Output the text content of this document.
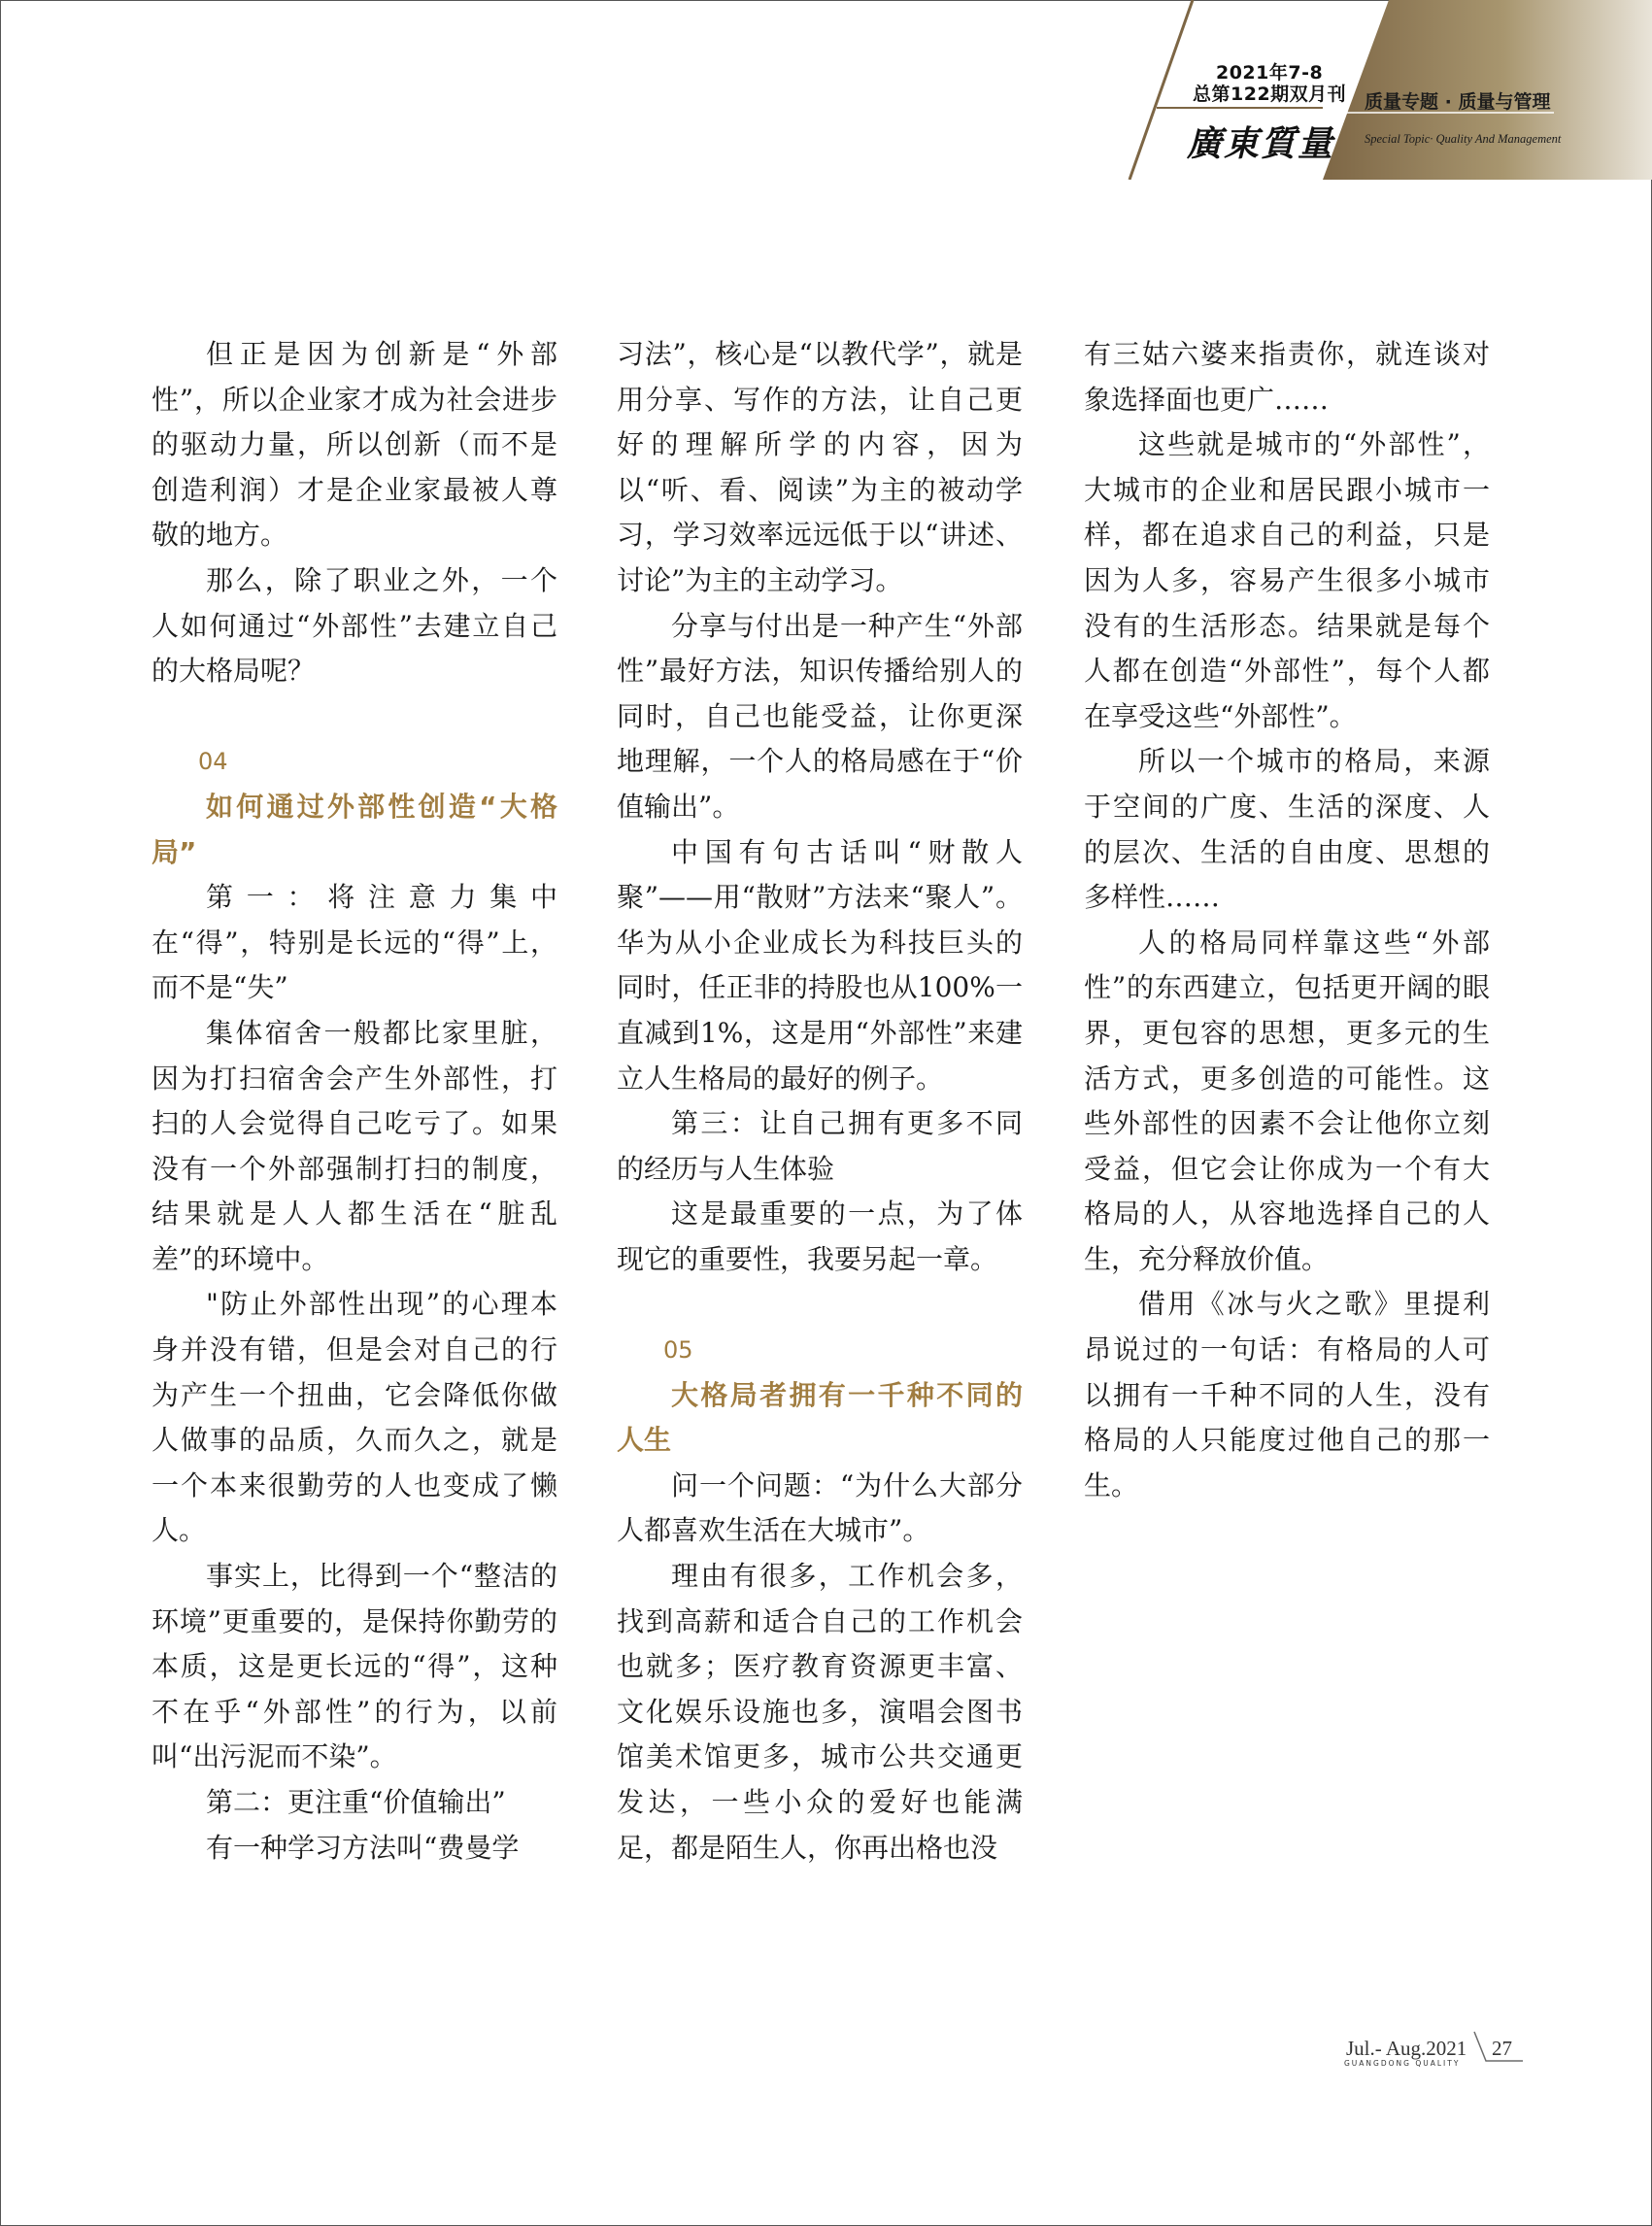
2021年7-8
总第122期双月刊
廣東質量
质量专题 · 质量与管理
Special Topic· Quality And Management

但正是因为创新是“外部性”，所以企业家才成为社会进步的驱动力量，所以创新（而不是创造利润）才是企业家最被人尊敬的地方。

那么，除了职业之外，一个人如何通过“外部性”去建立自己的大格局呢？

04

如何通过外部性创造“大格局”

第一：将注意力集中在“得”，特别是长远的“得”上，而不是“失”

集体宿舍一般都比家里脏，因为打扫宿舍会产生外部性，打扫的人会觉得自己吃亏了。如果没有一个外部强制打扫的制度，结果就是人人都生活在“脏乱差”的环境中。

"防止外部性出现”的心理本身并没有错，但是会对自己的行为产生一个扭曲，它会降低你做人做事的品质，久而久之，就是一个本来很勤劳的人也变成了懒人。

事实上，比得到一个“整洁的环境”更重要的，是保持你勤劳的本质，这是更长远的“得”，这种不在乎“外部性”的行为，以前叫“出污泥而不染”。

第二：更注重“价值输出”

有一种学习方法叫“费曼学

习法”，核心是“以教代学”，就是用分享、写作的方法，让自己更好的理解所学的内容，因为以“听、看、阅读”为主的被动学习，学习效率远远低于以“讲述、讨论”为主的主动学习。

分享与付出是一种产生“外部性”最好方法，知识传播给别人的同时，自己也能受益，让你更深地理解，一个人的格局感在于“价值输出”。

中国有句古话叫“财散人聚”——用“散财”方法来“聚人”。华为从小企业成长为科技巨头的同时，任正非的持股也从100%一直减到1%，这是用“外部性”来建立人生格局的最好的例子。

第三：让自己拥有更多不同的经历与人生体验

这是最重要的一点，为了体现它的重要性，我要另起一章。

05

大格局者拥有一千种不同的人生

问一个问题：“为什么大部分人都喜欢生活在大城市”。

理由有很多，工作机会多，找到高薪和适合自己的工作机会也就多；医疗教育资源更丰富、文化娱乐设施也多，演唱会图书馆美术馆更多，城市公共交通更发达，一些小众的爱好也能满足，都是陌生人，你再出格也没

有三姑六婆来指责你，就连谈对象选择面也更广……

这些就是城市的“外部性”，大城市的企业和居民跟小城市一样，都在追求自己的利益，只是因为人多，容易产生很多小城市没有的生活形态。结果就是每个人都在创造“外部性”，每个人都在享受这些“外部性”。

所以一个城市的格局，来源于空间的广度、生活的深度、人的层次、生活的自由度、思想的多样性……

人的格局同样靠这些“外部性”的东西建立，包括更开阔的眼界，更包容的思想，更多元的生活方式，更多创造的可能性。这些外部性的因素不会让他你立刻受益，但它会让你成为一个有大格局的人，从容地选择自己的人生，充分释放价值。

借用《冰与火之歌》里提利昂说过的一句话：有格局的人可以拥有一千种不同的人生，没有格局的人只能度过他自己的那一生。

Jul.- Aug.2021
GUANGDONG QUALITY
27
